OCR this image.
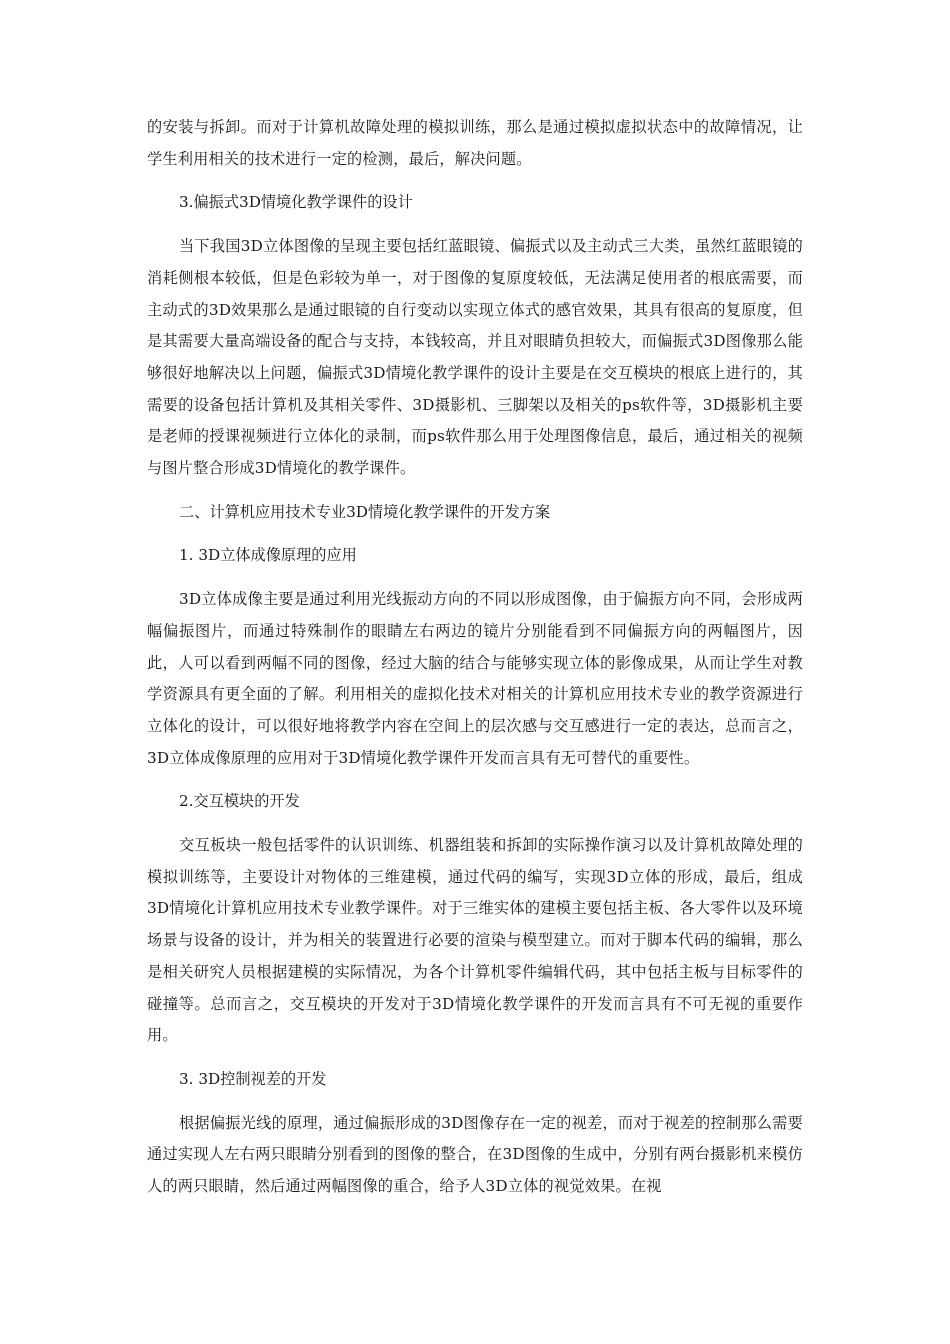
的安装与拆卸。而对于计算机故障处理的模拟训练，那么是通过模拟虚拟状态中的故障情况，让学生利用相关的技术进行一定的检测，最后，解决问题。

3.偏振式3D情境化教学课件的设计

当下我国3D立体图像的呈现主要包括红蓝眼镜、偏振式以及主动式三大类，虽然红蓝眼镜的消耗侧根本较低，但是色彩较为单一，对于图像的复原度较低，无法满足使用者的根底需要，而主动式的3D效果那么是通过眼镜的自行变动以实现立体式的感官效果，其具有很高的复原度，但是其需要大量高端设备的配合与支持，本钱较高，并且对眼睛负担较大，而偏振式3D图像那么能够很好地解决以上问题，偏振式3D情境化教学课件的设计主要是在交互模块的根底上进行的，其需要的设备包括计算机及其相关零件、3D摄影机、三脚架以及相关的ps软件等，3D摄影机主要是老师的授课视频进行立体化的录制，而ps软件那么用于处理图像信息，最后，通过相关的视频与图片整合形成3D情境化的教学课件。

二、计算机应用技术专业3D情境化教学课件的开发方案

1. 3D立体成像原理的应用

3D立体成像主要是通过利用光线振动方向的不同以形成图像，由于偏振方向不同，会形成两幅偏振图片，而通过特殊制作的眼睛左右两边的镜片分别能看到不同偏振方向的两幅图片，因此，人可以看到两幅不同的图像，经过大脑的结合与能够实现立体的影像成果，从而让学生对教学资源具有更全面的了解。利用相关的虚拟化技术对相关的计算机应用技术专业的教学资源进行立体化的设计，可以很好地将教学内容在空间上的层次感与交互感进行一定的表达，总而言之，3D立体成像原理的应用对于3D情境化教学课件开发而言具有无可替代的重要性。

2.交互模块的开发

交互板块一般包括零件的认识训练、机器组装和拆卸的实际操作演习以及计算机故障处理的模拟训练等，主要设计对物体的三维建模，通过代码的编写，实现3D立体的形成，最后，组成3D情境化计算机应用技术专业教学课件。对于三维实体的建模主要包括主板、各大零件以及环境场景与设备的设计，并为相关的装置进行必要的渲染与模型建立。而对于脚本代码的编辑，那么是相关研究人员根据建模的实际情况，为各个计算机零件编辑代码，其中包括主板与目标零件的碰撞等。总而言之，交互模块的开发对于3D情境化教学课件的开发而言具有不可无视的重要作用。

3. 3D控制视差的开发

根据偏振光线的原理，通过偏振形成的3D图像存在一定的视差，而对于视差的控制那么需要通过实现人左右两只眼睛分别看到的图像的整合，在3D图像的生成中，分别有两台摄影机来模仿人的两只眼睛，然后通过两幅图像的重合，给予人3D立体的视觉效果。在视
